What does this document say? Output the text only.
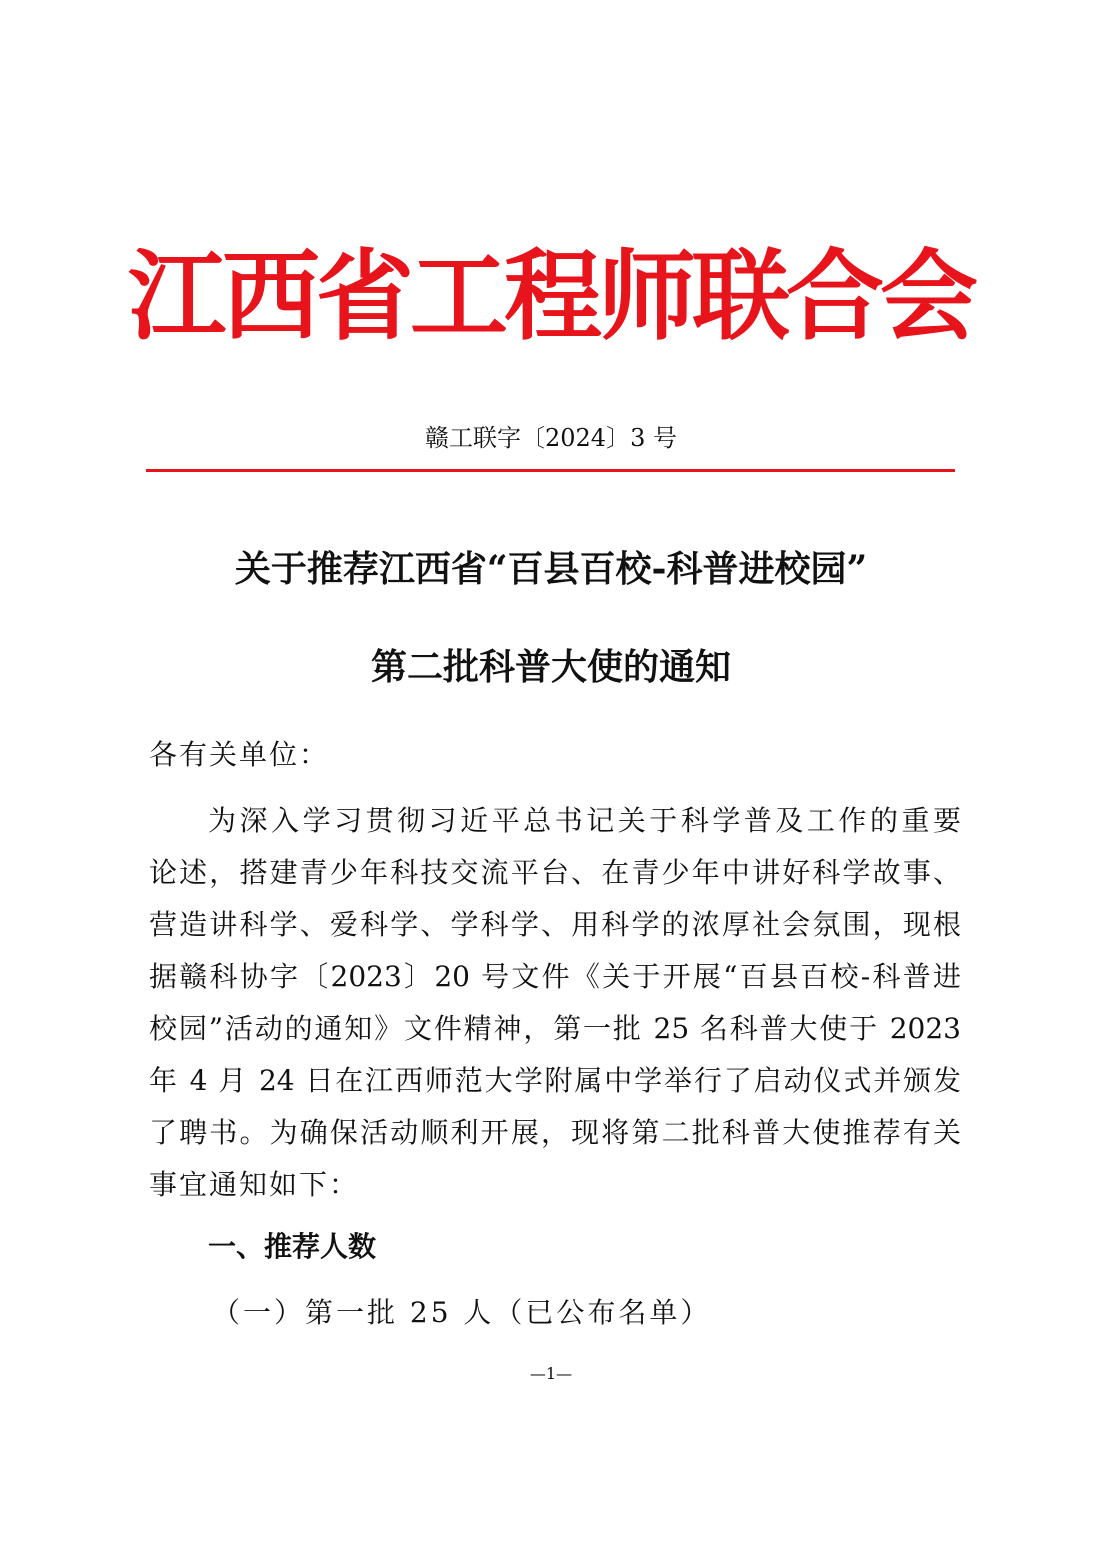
江西省工程师联合会
赣工联字〔2024〕3 号
关于推荐江西省“百县百校-科普进校园”
第二批科普大使的通知
各有关单位：
为深入学习贯彻习近平总书记关于科学普及工作的重要
论述，搭建青少年科技交流平台、在青少年中讲好科学故事、
营造讲科学、爱科学、学科学、用科学的浓厚社会氛围，现根
据赣科协字〔2023〕20 号文件《关于开展“百县百校-科普进
校园”活动的通知》文件精神，第一批 25 名科普大使于 2023
年 4 月 24 日在江西师范大学附属中学举行了启动仪式并颁发
了聘书。为确保活动顺利开展，现将第二批科普大使推荐有关
事宜通知如下：
一、推荐人数
（一）第一批 25 人（已公布名单）
—1—
